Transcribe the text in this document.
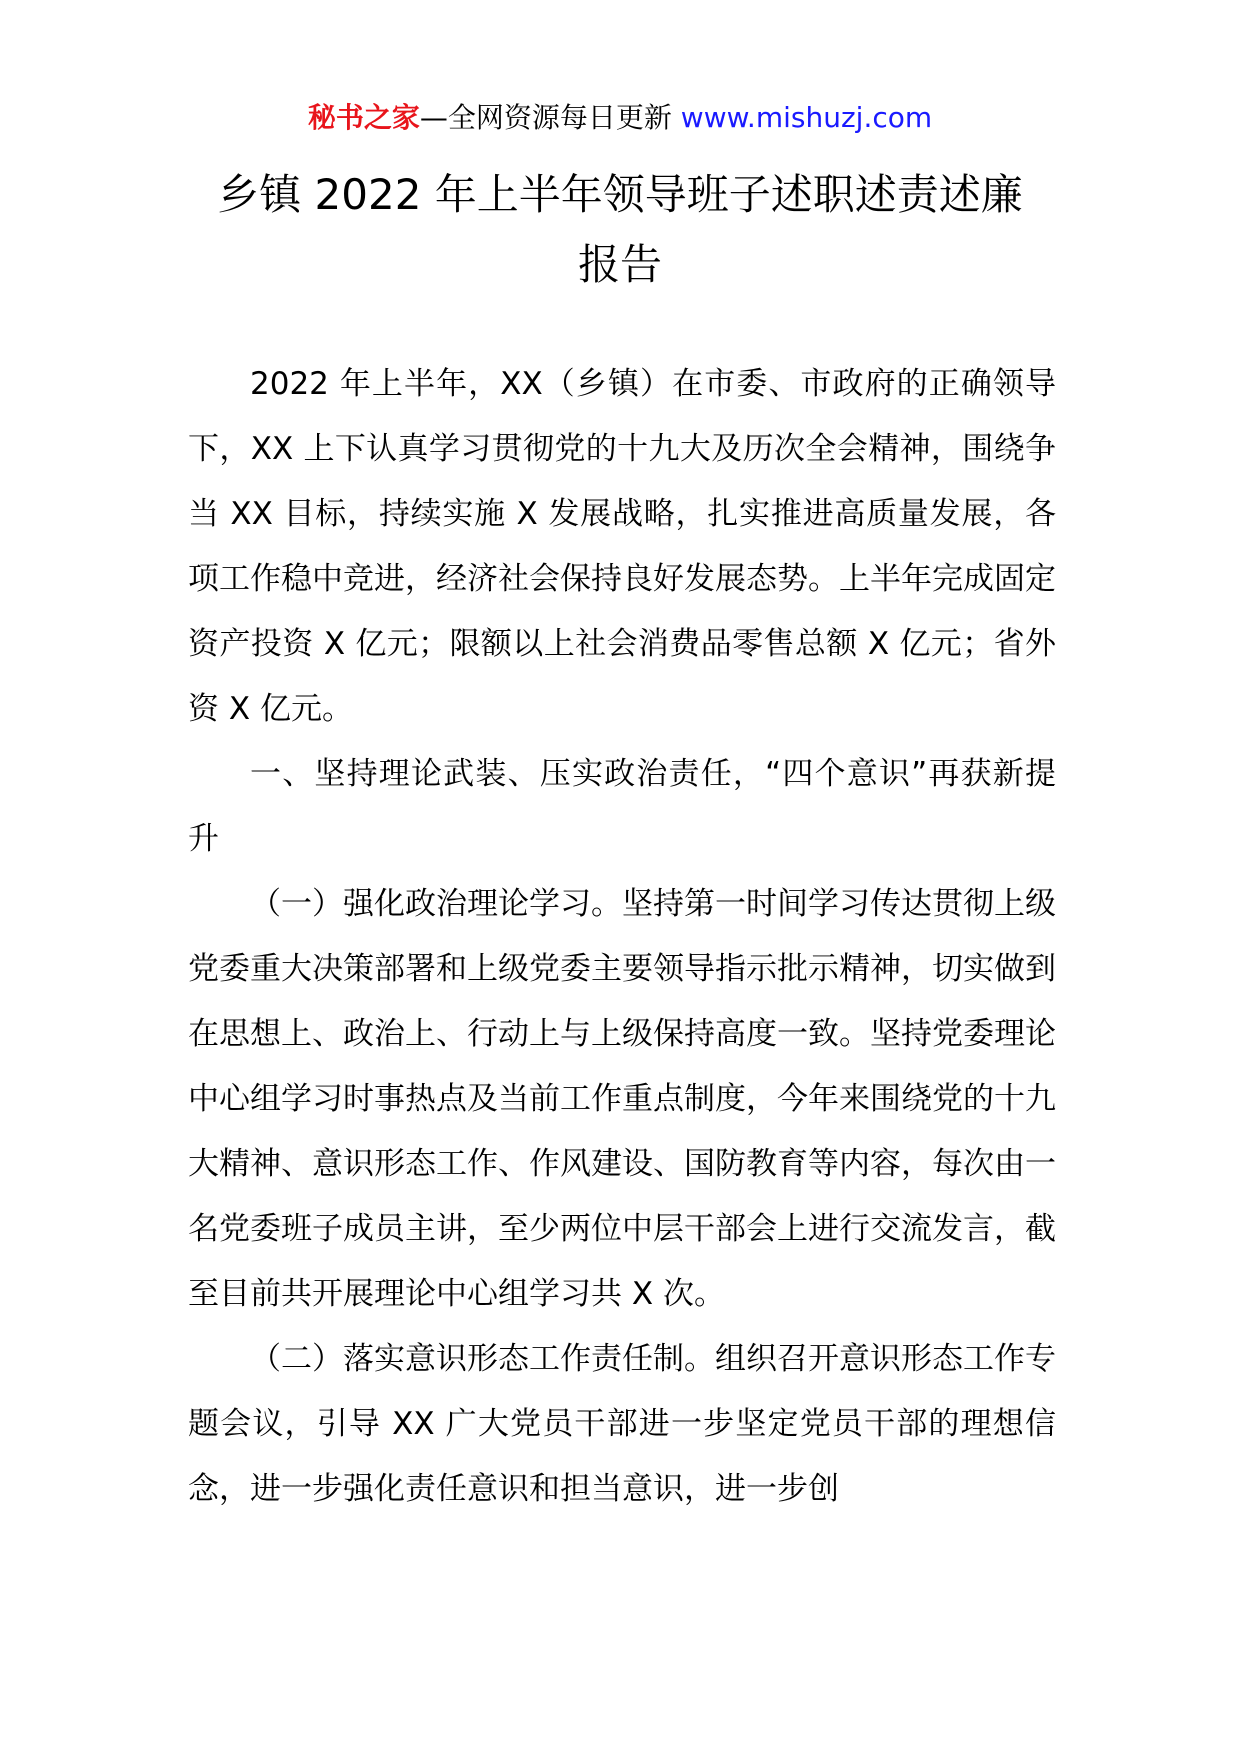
秘书之家—全网资源每日更新 www.mishuzj.com
乡镇 2022 年上半年领导班子述职述责述廉
报告

2022 年上半年，XX（乡镇）在市委、市政府的正确领导下，XX 上下认真学习贯彻党的十九大及历次全会精神，围绕争当 XX 目标，持续实施 X 发展战略，扎实推进高质量发展，各项工作稳中竞进，经济社会保持良好发展态势。上半年完成固定资产投资 X 亿元；限额以上社会消费品零售总额 X 亿元；省外资 X 亿元。

一、坚持理论武装、压实政治责任，“四个意识”再获新提升

（一）强化政治理论学习。坚持第一时间学习传达贯彻上级党委重大决策部署和上级党委主要领导指示批示精神，切实做到在思想上、政治上、行动上与上级保持高度一致。坚持党委理论中心组学习时事热点及当前工作重点制度，今年来围绕党的十九大精神、意识形态工作、作风建设、国防教育等内容，每次由一名党委班子成员主讲，至少两位中层干部会上进行交流发言，截至目前共开展理论中心组学习共 X 次。

（二）落实意识形态工作责任制。组织召开意识形态工作专题会议，引导 XX 广大党员干部进一步坚定党员干部的理想信念，进一步强化责任意识和担当意识，进一步创
